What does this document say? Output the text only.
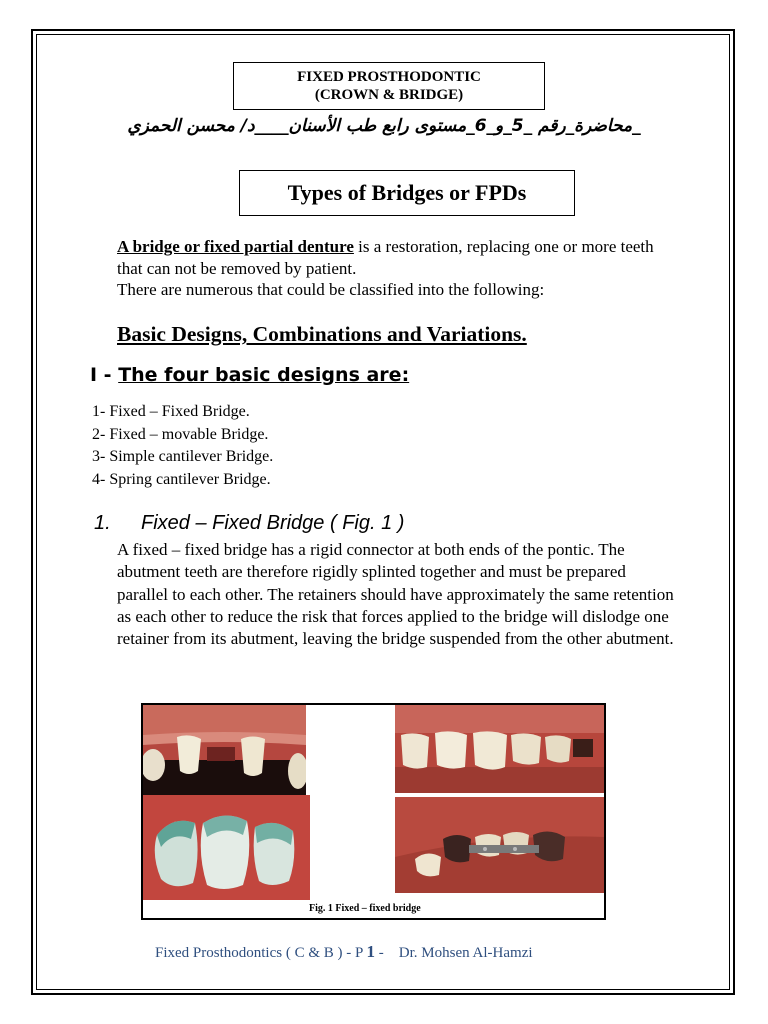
FIXED PROSTHODONTIC
(CROWN & BRIDGE)
_محاضرة_رقم _5_و_6_مستوى رابع طب الأسنان____د/ محسن الحمزي
Types of Bridges or FPDs
A bridge or fixed partial denture is a restoration, replacing one or more teeth that can not be removed by patient.
There are numerous that could be classified into the following:
Basic Designs, Combinations and Variations.
I - The four basic designs are:
1- Fixed – Fixed Bridge.
2- Fixed – movable Bridge.
3- Simple cantilever Bridge.
4- Spring cantilever Bridge.
1. Fixed – Fixed Bridge ( Fig. 1 )
A fixed – fixed bridge has a rigid connector at both ends of the pontic. The abutment teeth are therefore rigidly splinted together and must be prepared parallel to each other. The retainers should have approximately the same retention as each other to reduce the risk that forces applied to the bridge will dislodge one retainer from its abutment, leaving the bridge suspended from the other abutment.
Fig. 1 Fixed – fixed bridge
Fixed Prosthodontics ( C & B ) - P 1 - Dr. Mohsen Al-Hamzi
